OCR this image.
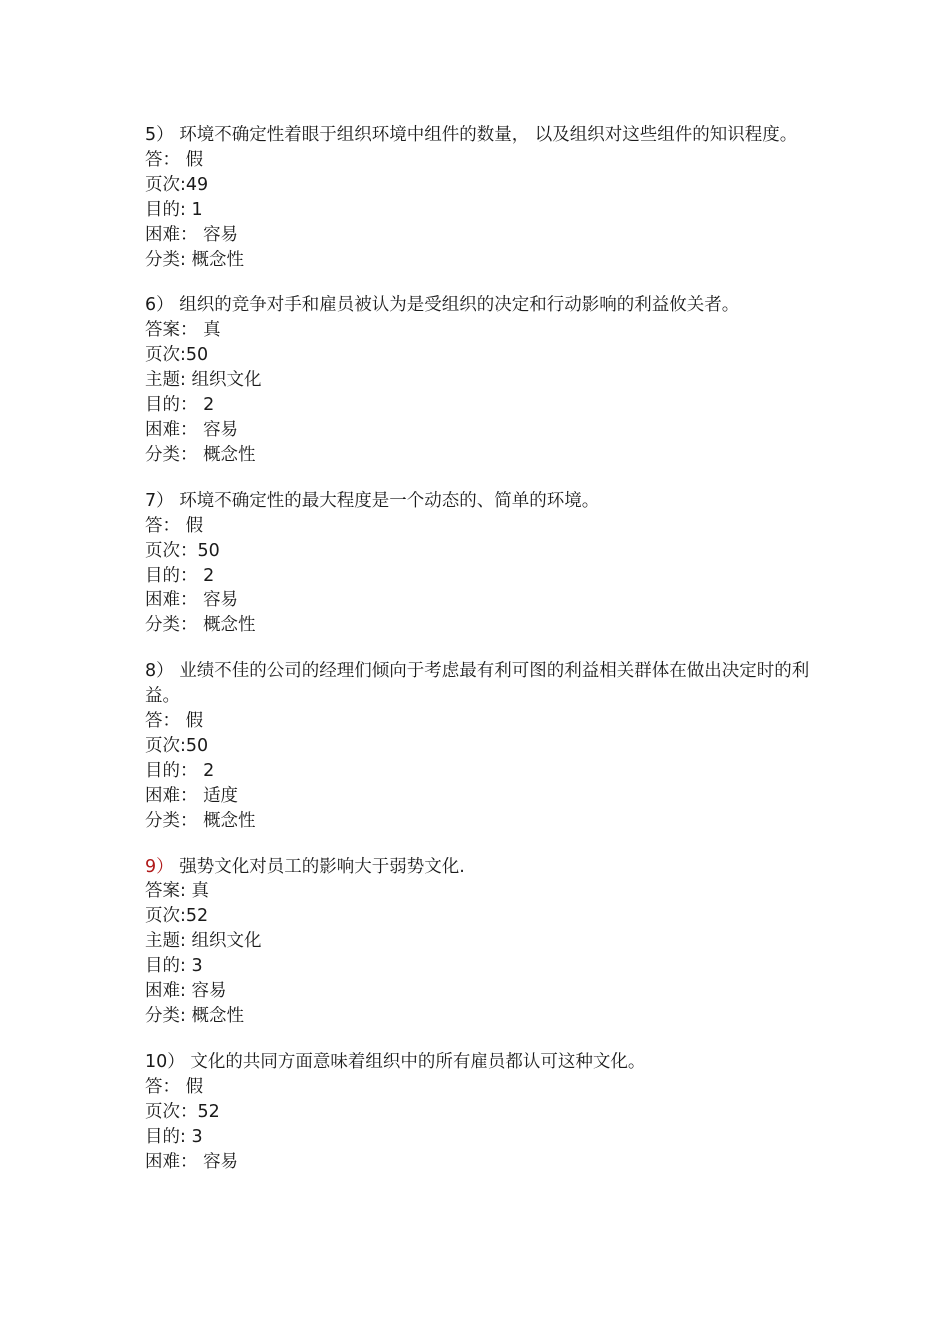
5） 环境不确定性着眼于组织环境中组件的数量， 以及组织对这些组件的知识程度。
答： 假
页次:49
目的: 1
困难： 容易
分类: 概念性
6） 组织的竞争对手和雇员被认为是受组织的决定和行动影响的利益攸关者。
答案： 真
页次:50
主题: 组织文化
目的： 2
困难： 容易
分类： 概念性
7） 环境不确定性的最大程度是一个动态的、简单的环境。
答： 假
页次：50
目的： 2
困难： 容易
分类： 概念性
8） 业绩不佳的公司的经理们倾向于考虑最有利可图的利益相关群体在做出决定时的利益。
答： 假
页次:50
目的： 2
困难： 适度
分类： 概念性
9） 强势文化对员工的影响大于弱势文化.
答案: 真
页次:52
主题: 组织文化
目的: 3
困难: 容易
分类: 概念性
10） 文化的共同方面意味着组织中的所有雇员都认可这种文化。
答： 假
页次：52
目的: 3
困难： 容易
